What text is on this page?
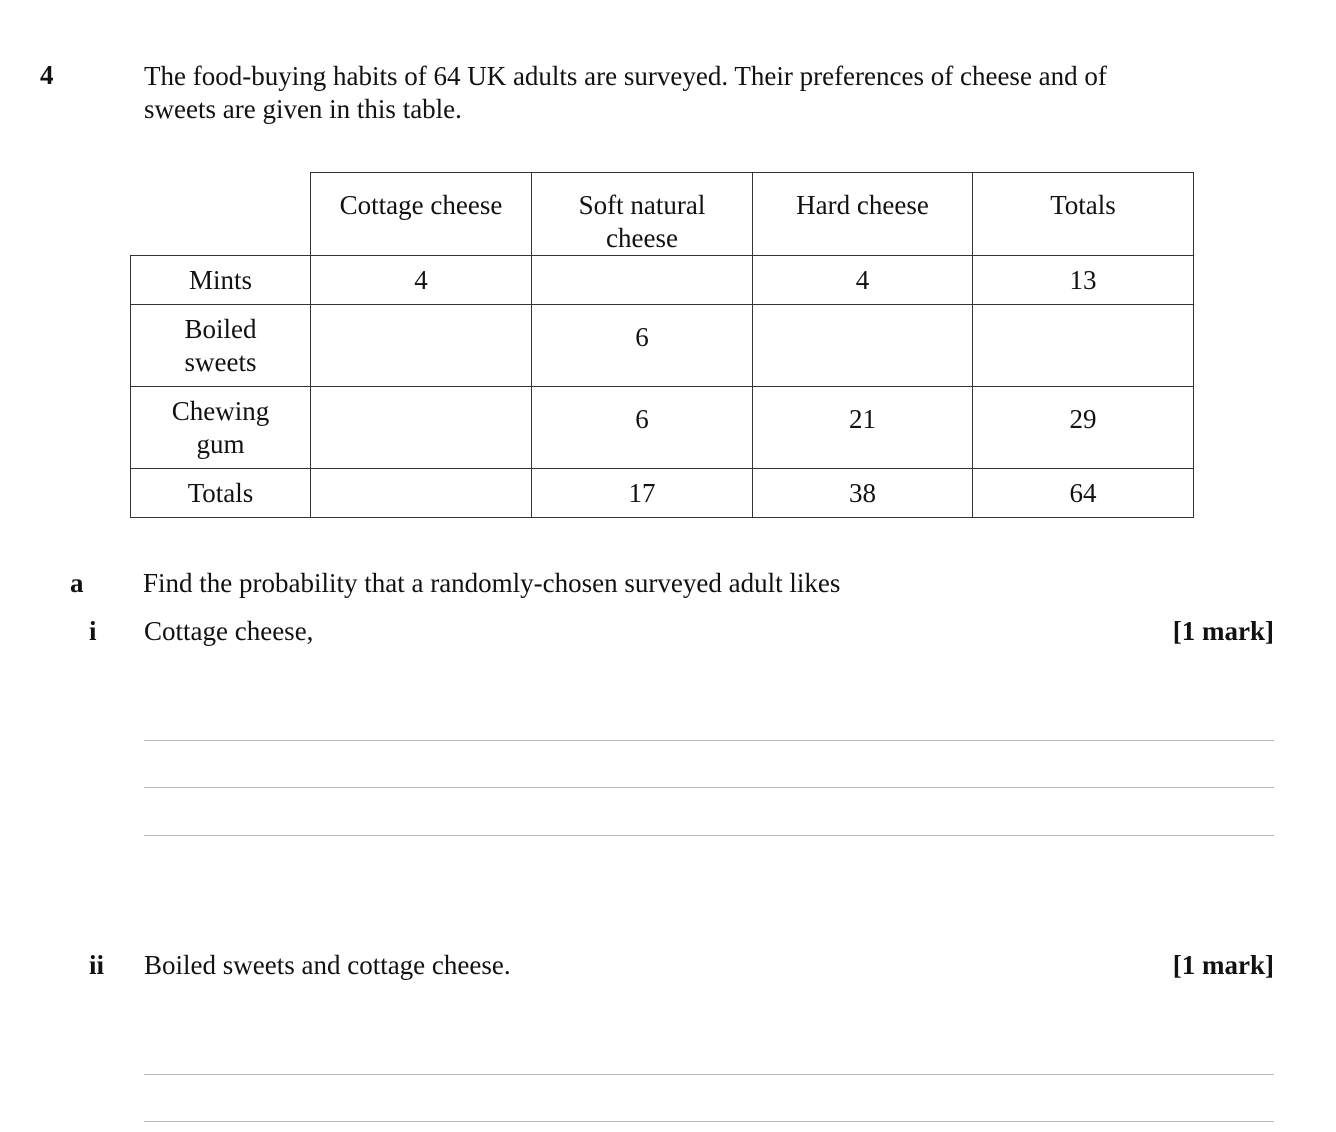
4	The food-buying habits of 64 UK adults are surveyed. Their preferences of cheese and of sweets are given in this table.
	Cottage cheese	Soft natural cheese	Hard cheese	Totals
Mints	4		4	13

Boiled sweets		6		

Chewing gum		6	21	29
Totals		17	38	64
a Find the probability that a randomly-chosen surveyed adult likes
i Cottage cheese,	[1 mark]
ii Boiled sweets and cottage cheese.	[1 mark]
